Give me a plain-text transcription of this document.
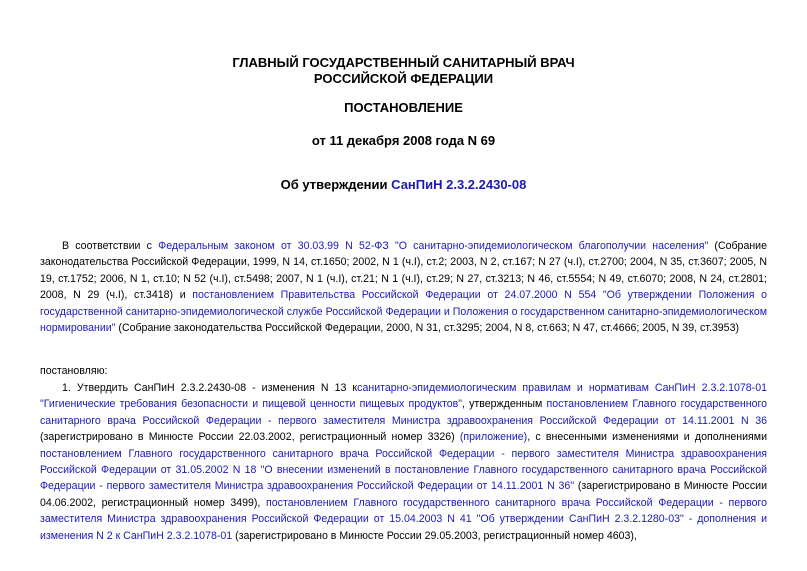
ГЛАВНЫЙ ГОСУДАРСТВЕННЫЙ САНИТАРНЫЙ ВРАЧ
РОССИЙСКОЙ ФЕДЕРАЦИИ
ПОСТАНОВЛЕНИЕ
от 11 декабря 2008 года N 69
Об утверждении СанПиН 2.3.2.2430-08
В соответствии с Федеральным законом от 30.03.99 N 52-ФЗ "О санитарно-эпидемиологическом благополучии населения" (Собрание законодательства Российской Федерации, 1999, N 14, ст.1650; 2002, N 1 (ч.I), ст.2; 2003, N 2, ст.167; N 27 (ч.I), ст.2700; 2004, N 35, ст.3607; 2005, N 19, ст.1752; 2006, N 1, ст.10; N 52 (ч.I), ст.5498; 2007, N 1 (ч.I), ст.21; N 1 (ч.I), ст.29; N 27, ст.3213; N 46, ст.5554; N 49, ст.6070; 2008, N 24, ст.2801; 2008, N 29 (ч.I), ст.3418) и постановлением Правительства Российской Федерации от 24.07.2000 N 554 "Об утверждении Положения о государственной санитарно-эпидемиологической службе Российской Федерации и Положения о государственном санитарно-эпидемиологическом нормировании" (Собрание законодательства Российской Федерации, 2000, N 31, ст.3295; 2004, N 8, ст.663; N 47, ст.4666; 2005, N 39, ст.3953)
постановляю:
1. Утвердить СанПиН 2.3.2.2430-08 - изменения N 13 ксанитарно-эпидемиологическим правилам и нормативам СанПиН 2.3.2.1078-01 "Гигиенические требования безопасности и пищевой ценности пищевых продуктов", утвержденным постановлением Главного государственного санитарного врача Российской Федерации - первого заместителя Министра здравоохранения Российской Федерации от 14.11.2001 N 36 (зарегистрировано в Минюсте России 22.03.2002, регистрационный номер 3326) (приложение), с внесенными изменениями и дополнениями постановлением Главного государственного санитарного врача Российской Федерации - первого заместителя Министра здравоохранения Российской Федерации от 31.05.2002 N 18 "О внесении изменений в постановление Главного государственного санитарного врача Российской Федерации - первого заместителя Министра здравоохранения Российской Федерации от 14.11.2001 N 36" (зарегистрировано в Минюсте России 04.06.2002, регистрационный номер 3499), постановлением Главного государственного санитарного врача Российской Федерации - первого заместителя Министра здравоохранения Российской Федерации от 15.04.2003 N 41 "Об утверждении СанПиН 2.3.2.1280-03" - дополнения и изменения N 2 к СанПиН 2.3.2.1078-01 (зарегистрировано в Минюсте России 29.05.2003, регистрационный номер 4603),
